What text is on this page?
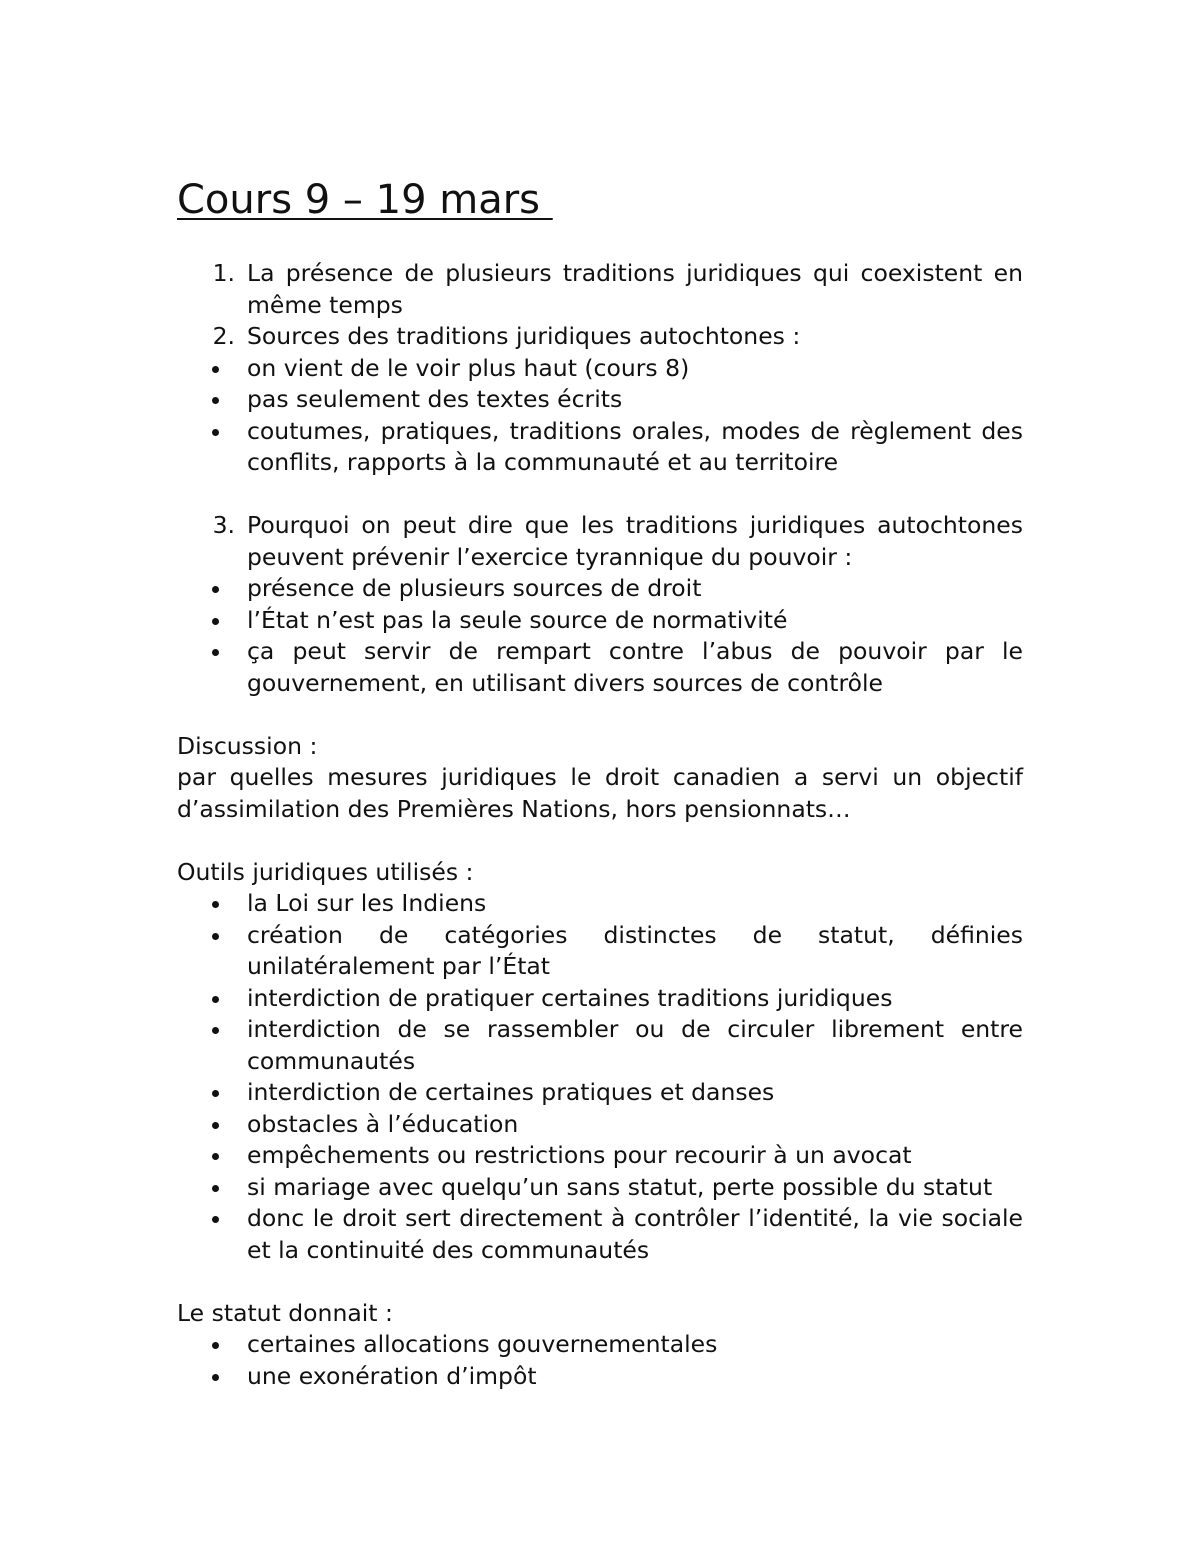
Cours 9 – 19 mars
1. La présence de plusieurs traditions juridiques qui coexistent en même temps
2. Sources des traditions juridiques autochtones :
on vient de le voir plus haut (cours 8)
pas seulement des textes écrits
coutumes, pratiques, traditions orales, modes de règlement des conflits, rapports à la communauté et au territoire
3. Pourquoi on peut dire que les traditions juridiques autochtones peuvent prévenir l’exercice tyrannique du pouvoir :
présence de plusieurs sources de droit
l’État n’est pas la seule source de normativité
ça peut servir de rempart contre l’abus de pouvoir par le gouvernement, en utilisant divers sources de contrôle
Discussion :
par quelles mesures juridiques le droit canadien a servi un objectif d’assimilation des Premières Nations, hors pensionnats…
Outils juridiques utilisés :
la Loi sur les Indiens
création de catégories distinctes de statut, définies unilatéralement par l’État
interdiction de pratiquer certaines traditions juridiques
interdiction de se rassembler ou de circuler librement entre communautés
interdiction de certaines pratiques et danses
obstacles à l’éducation
empêchements ou restrictions pour recourir à un avocat
si mariage avec quelqu’un sans statut, perte possible du statut
donc le droit sert directement à contrôler l’identité, la vie sociale et la continuité des communautés
Le statut donnait :
certaines allocations gouvernementales
une exonération d’impôt
